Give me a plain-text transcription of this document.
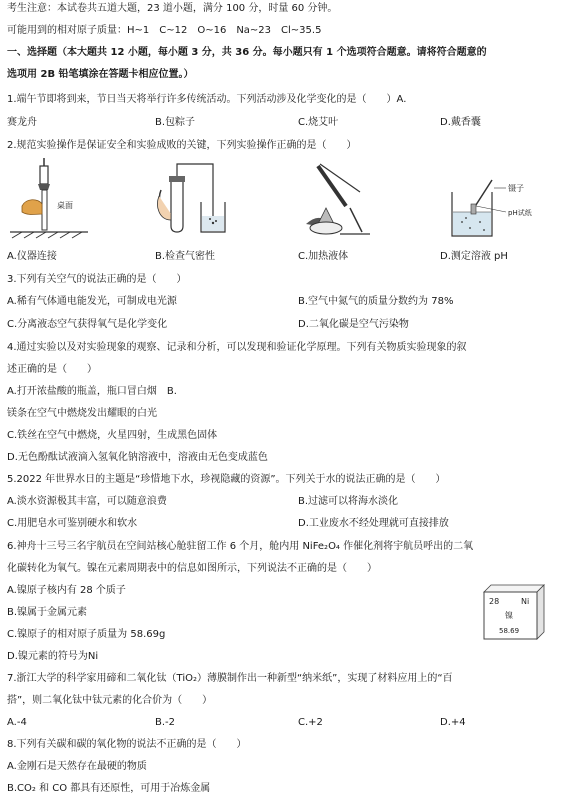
考生注意：本试卷共五道大题，23 道小题，满分 100 分，时量 60 分钟。
可能用到的相对原子质量：H~1　C~12　O~16　Na~23　Cl~35.5
一、选择题（本大题共 12 小题，每小题 3 分，共 36 分。每小题只有 1 个选项符合题意。请将符合题意的
选项用 2B 铅笔填涂在答题卡相应位置。）
1.端午节即将到来，节日当天将举行许多传统活动。下列活动涉及化学变化的是（　　）A.
赛龙舟	B.包粽子	C.烧艾叶	D.戴香囊
2.规范实验操作是保证安全和实验成败的关键，下列实验操作正确的是（　　）
桌面
镊子
pH试纸
A.仪器连接	B.检查气密性	C.加热液体	D.测定溶液 pH
3.下列有关空气的说法正确的是（　　）
A.稀有气体通电能发光，可制成电光源	B.空气中氮气的质量分数约为 78%
C.分离液态空气获得氧气是化学变化	D.二氧化碳是空气污染物
4.通过实验以及对实验现象的观察、记录和分析，可以发现和验证化学原理。下列有关物质实验现象的叙
述正确的是（　　）
A.打开浓盐酸的瓶盖，瓶口冒白烟　B.
镁条在空气中燃烧发出耀眼的白光
C.铁丝在空气中燃烧，火星四射，生成黑色固体
D.无色酚酞试液滴入氢氧化钠溶液中，溶液由无色变成蓝色
5.2022 年世界水日的主题是“珍惜地下水，珍视隐藏的资源”。下列关于水的说法正确的是（　　）
A.淡水资源极其丰富，可以随意浪费	B.过滤可以将海水淡化
C.用肥皂水可鉴别硬水和软水	D.工业废水不经处理就可直接排放
6.神舟十三号三名宇航员在空间站核心舱驻留工作 6 个月，舱内用 NiFe₂O₄ 作催化剂将宇航员呼出的二氧
化碳转化为氧气。镍在元素周期表中的信息如图所示，下列说法不正确的是（　　）
A.镍原子核内有 28 个质子
B.镍属于金属元素
C.镍原子的相对原子质量为 58.69g
D.镍元素的符号为Ni
28	Ni
镍
58.69
7.浙江大学的科学家用碲和二氧化钛（TiO₂）薄膜制作出一种新型“纳米纸”，实现了材料应用上的“百
搭”，则二氧化钛中钛元素的化合价为（　　）
A.-4	B.-2	C.+2	D.+4
8.下列有关碳和碳的氧化物的说法不正确的是（　　）
A.金刚石是天然存在最硬的物质
B.CO₂ 和 CO 都具有还原性，可用于冶炼金属
